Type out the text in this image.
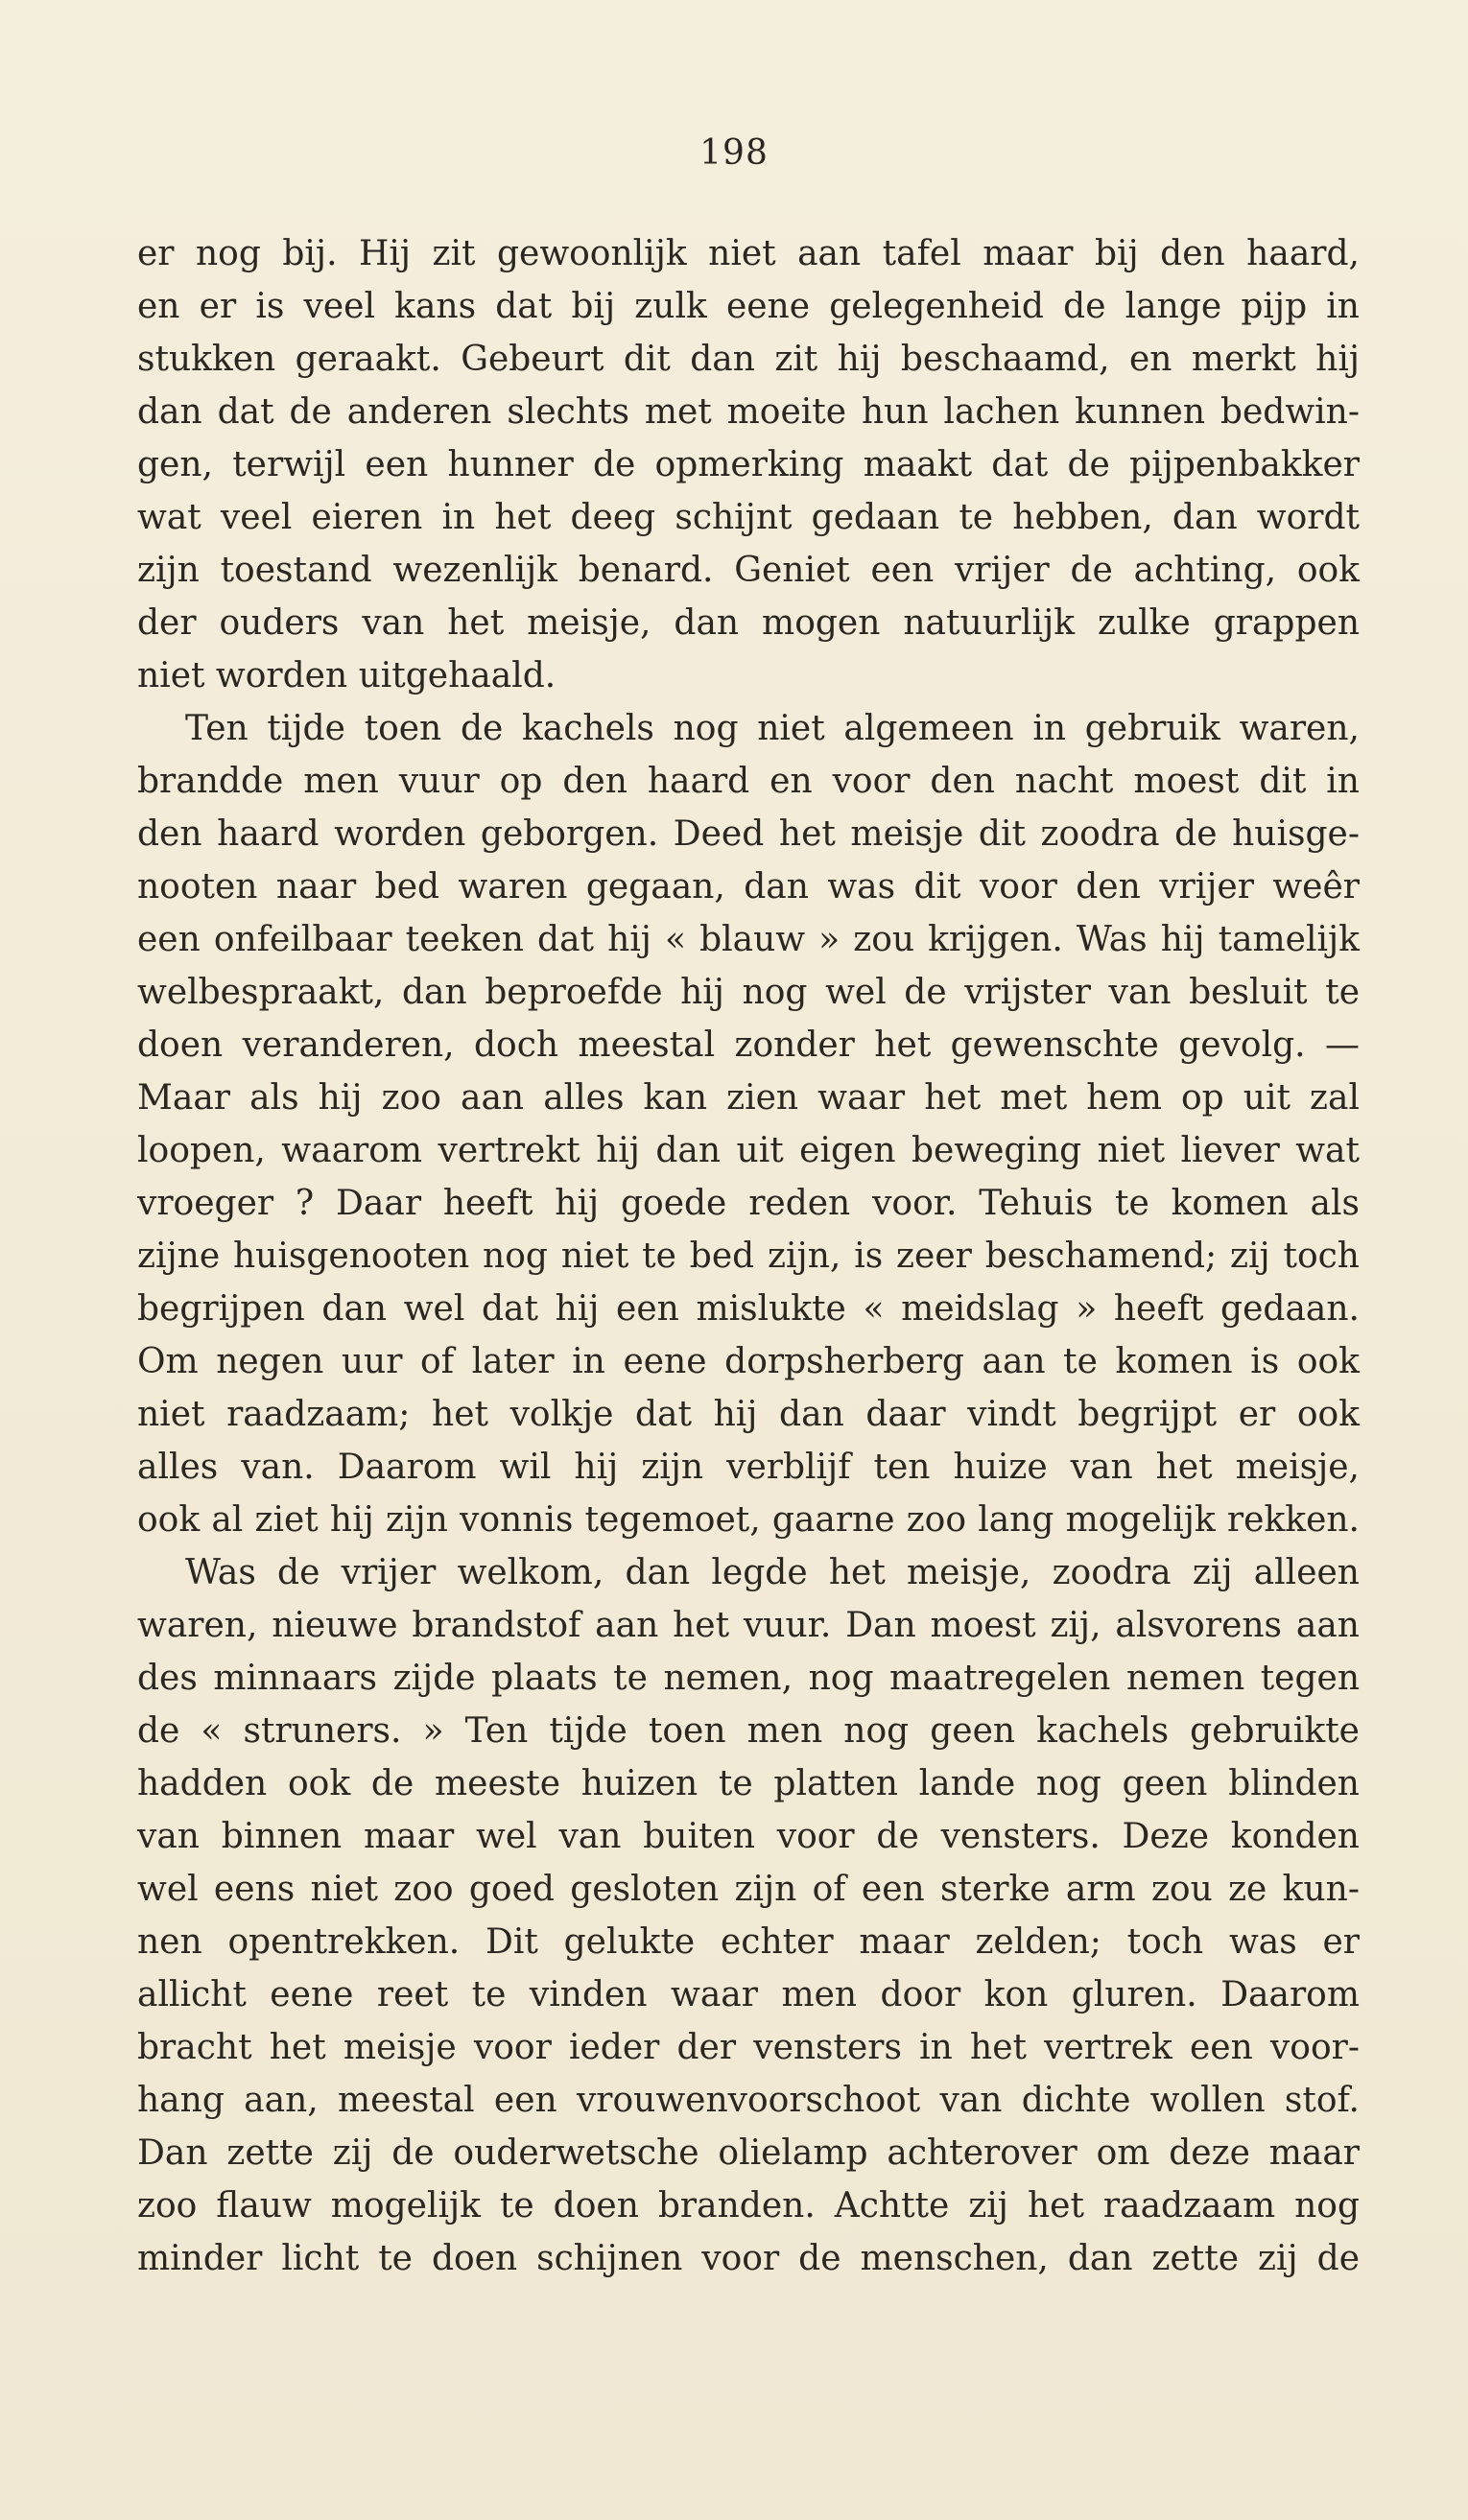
198
er nog bij. Hij zit gewoonlijk niet aan tafel maar bij den haard,
en er is veel kans dat bij zulk eene gelegenheid de lange pijp in
stukken geraakt. Gebeurt dit dan zit hij beschaamd, en merkt hij
dan dat de anderen slechts met moeite hun lachen kunnen bedwin-
gen, terwijl een hunner de opmerking maakt dat de pijpenbakker
wat veel eieren in het deeg schijnt gedaan te hebben, dan wordt
zijn toestand wezenlijk benard. Geniet een vrijer de achting, ook
der ouders van het meisje, dan mogen natuurlijk zulke grappen
niet worden uitgehaald.
Ten tijde toen de kachels nog niet algemeen in gebruik waren,
brandde men vuur op den haard en voor den nacht moest dit in
den haard worden geborgen. Deed het meisje dit zoodra de huisge-
nooten naar bed waren gegaan, dan was dit voor den vrijer weêr
een onfeilbaar teeken dat hij « blauw » zou krijgen. Was hij tamelijk
welbespraakt, dan beproefde hij nog wel de vrijster van besluit te
doen veranderen, doch meestal zonder het gewenschte gevolg. —
Maar als hij zoo aan alles kan zien waar het met hem op uit zal
loopen, waarom vertrekt hij dan uit eigen beweging niet liever wat
vroeger ? Daar heeft hij goede reden voor. Tehuis te komen als
zijne huisgenooten nog niet te bed zijn, is zeer beschamend; zij toch
begrijpen dan wel dat hij een mislukte « meidslag » heeft gedaan.
Om negen uur of later in eene dorpsherberg aan te komen is ook
niet raadzaam; het volkje dat hij dan daar vindt begrijpt er ook
alles van. Daarom wil hij zijn verblijf ten huize van het meisje,
ook al ziet hij zijn vonnis tegemoet, gaarne zoo lang mogelijk rekken.
Was de vrijer welkom, dan legde het meisje, zoodra zij alleen
waren, nieuwe brandstof aan het vuur. Dan moest zij, alsvorens aan
des minnaars zijde plaats te nemen, nog maatregelen nemen tegen
de « struners. » Ten tijde toen men nog geen kachels gebruikte
hadden ook de meeste huizen te platten lande nog geen blinden
van binnen maar wel van buiten voor de vensters. Deze konden
wel eens niet zoo goed gesloten zijn of een sterke arm zou ze kun-
nen opentrekken. Dit gelukte echter maar zelden; toch was er
allicht eene reet te vinden waar men door kon gluren. Daarom
bracht het meisje voor ieder der vensters in het vertrek een voor-
hang aan, meestal een vrouwenvoorschoot van dichte wollen stof.
Dan zette zij de ouderwetsche olielamp achterover om deze maar
zoo flauw mogelijk te doen branden. Achtte zij het raadzaam nog
minder licht te doen schijnen voor de menschen, dan zette zij de
